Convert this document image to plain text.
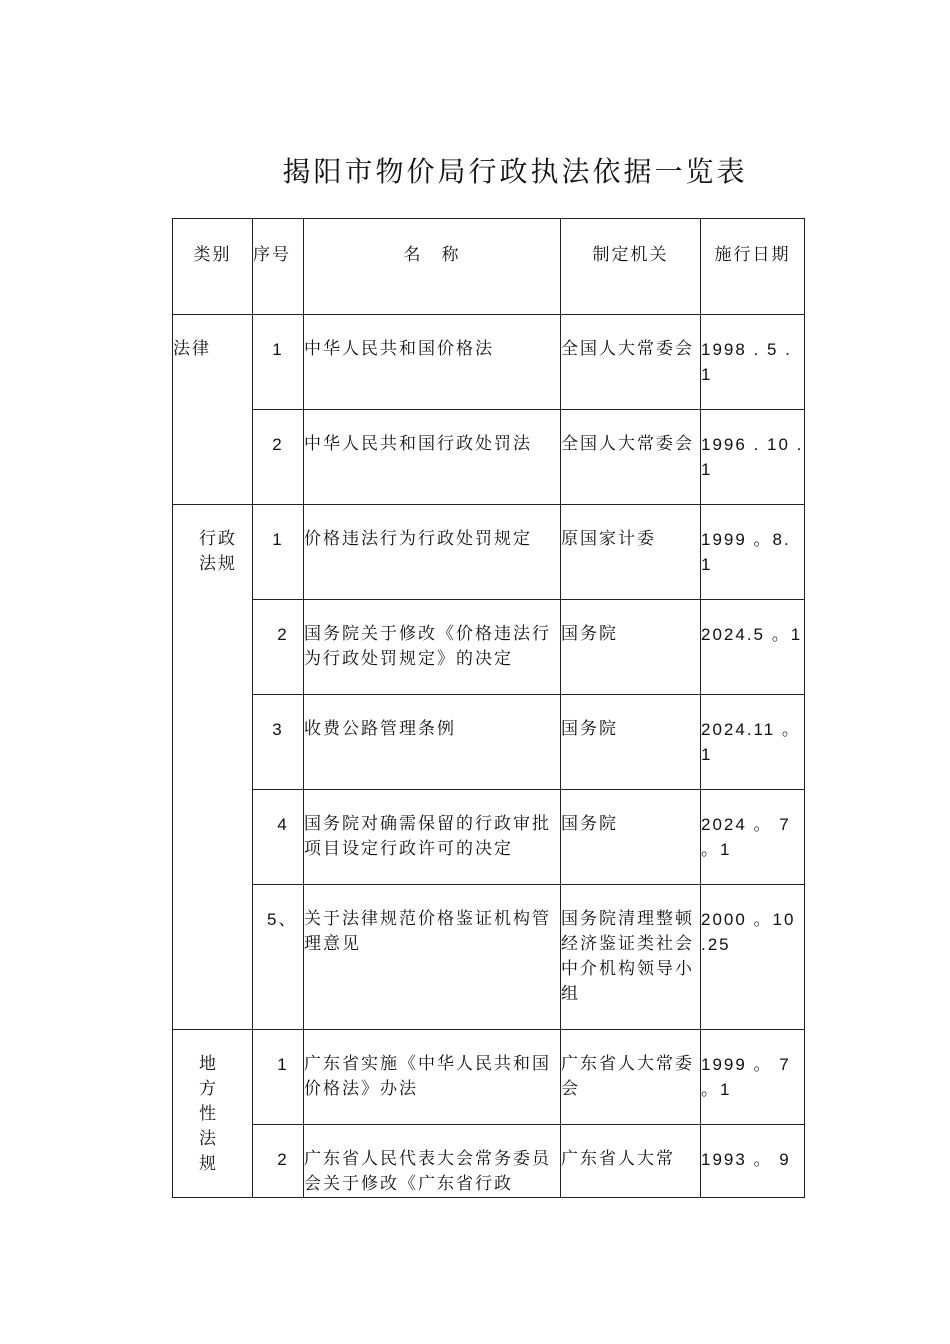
揭阳市物价局行政执法依据一览表
类别	序号	名　称	制定机关	施行日期
法律	1	中华人民共和国价格法	全国人大常委会	1998 . 5 . 1
	2	中华人民共和国行政处罚法	全国人大常委会	1996 . 10 . 1
行政法规	1	价格违法行为行政处罚规定	原国家计委	1999 。8. 1
	2	国务院关于修改《价格违法行为行政处罚规定》的决定	国务院	2024.5 。1
	3	收费公路管理条例	国务院	2024.11 。1
	4	国务院对确需保留的行政审批项目设定行政许可的决定	国务院	2024 。 7 。1
	5、	关于法律规范价格鉴证机构管理意见	国务院清理整顿经济鉴证类社会中介机构领导小组	2000 。10 .25
地方性法规	1	广东省实施《中华人民共和国价格法》办法	广东省人大常委会	1999 。 7 。1
	2	广东省人民代表大会常务委员会关于修改《广东省行政	广东省人大常	1993 。 9
